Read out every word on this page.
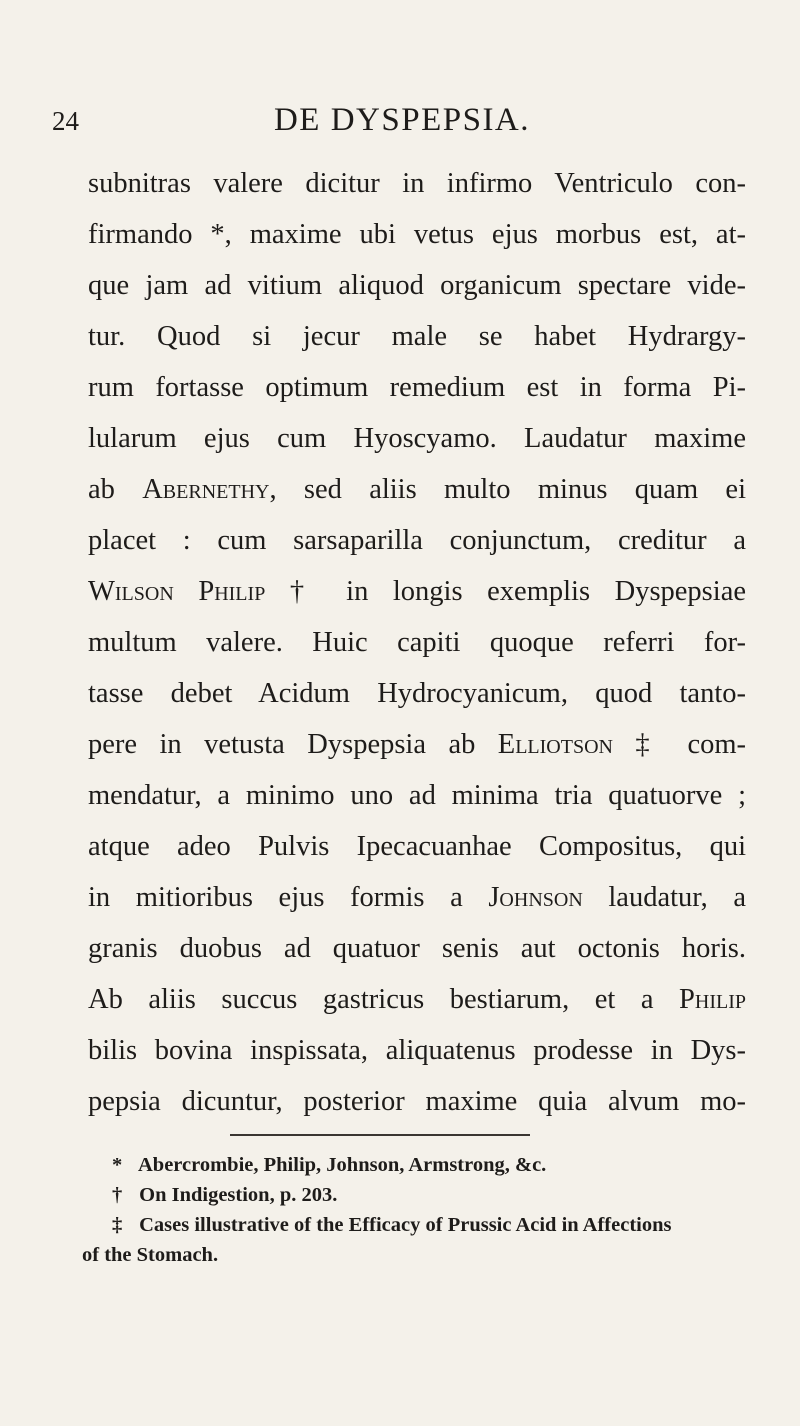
24	DE DYSPEPSIA.
subnitras valere dicitur in infirmo Ventriculo con-
firmando *, maxime ubi vetus ejus morbus est, at-
que jam ad vitium aliquod organicum spectare vide-
tur. Quod si jecur male se habet Hydrargy-
rum fortasse optimum remedium est in forma Pi-
lularum ejus cum Hyoscyamo. Laudatur maxime
ab Abernethy, sed aliis multo minus quam ei
placet : cum sarsaparilla conjunctum, creditur a
Wilson Philip † in longis exemplis Dyspepsiae
multum valere. Huic capiti quoque referri for-
tasse debet Acidum Hydrocyanicum, quod tanto-
pere in vetusta Dyspepsia ab Elliotson ‡ com-
mendatur, a minimo uno ad minima tria quatuorve ;
atque adeo Pulvis Ipecacuanhae Compositus, qui
in mitioribus ejus formis a Johnson laudatur, a
granis duobus ad quatuor senis aut octonis horis.
Ab aliis succus gastricus bestiarum, et a Philip
bilis bovina inspissata, aliquatenus prodesse in Dys-
pepsia dicuntur, posterior maxime quia alvum mo-
* Abercrombie, Philip, Johnson, Armstrong, &c.
† On Indigestion, p. 203.
‡ Cases illustrative of the Efficacy of Prussic Acid in Affections
of the Stomach.
